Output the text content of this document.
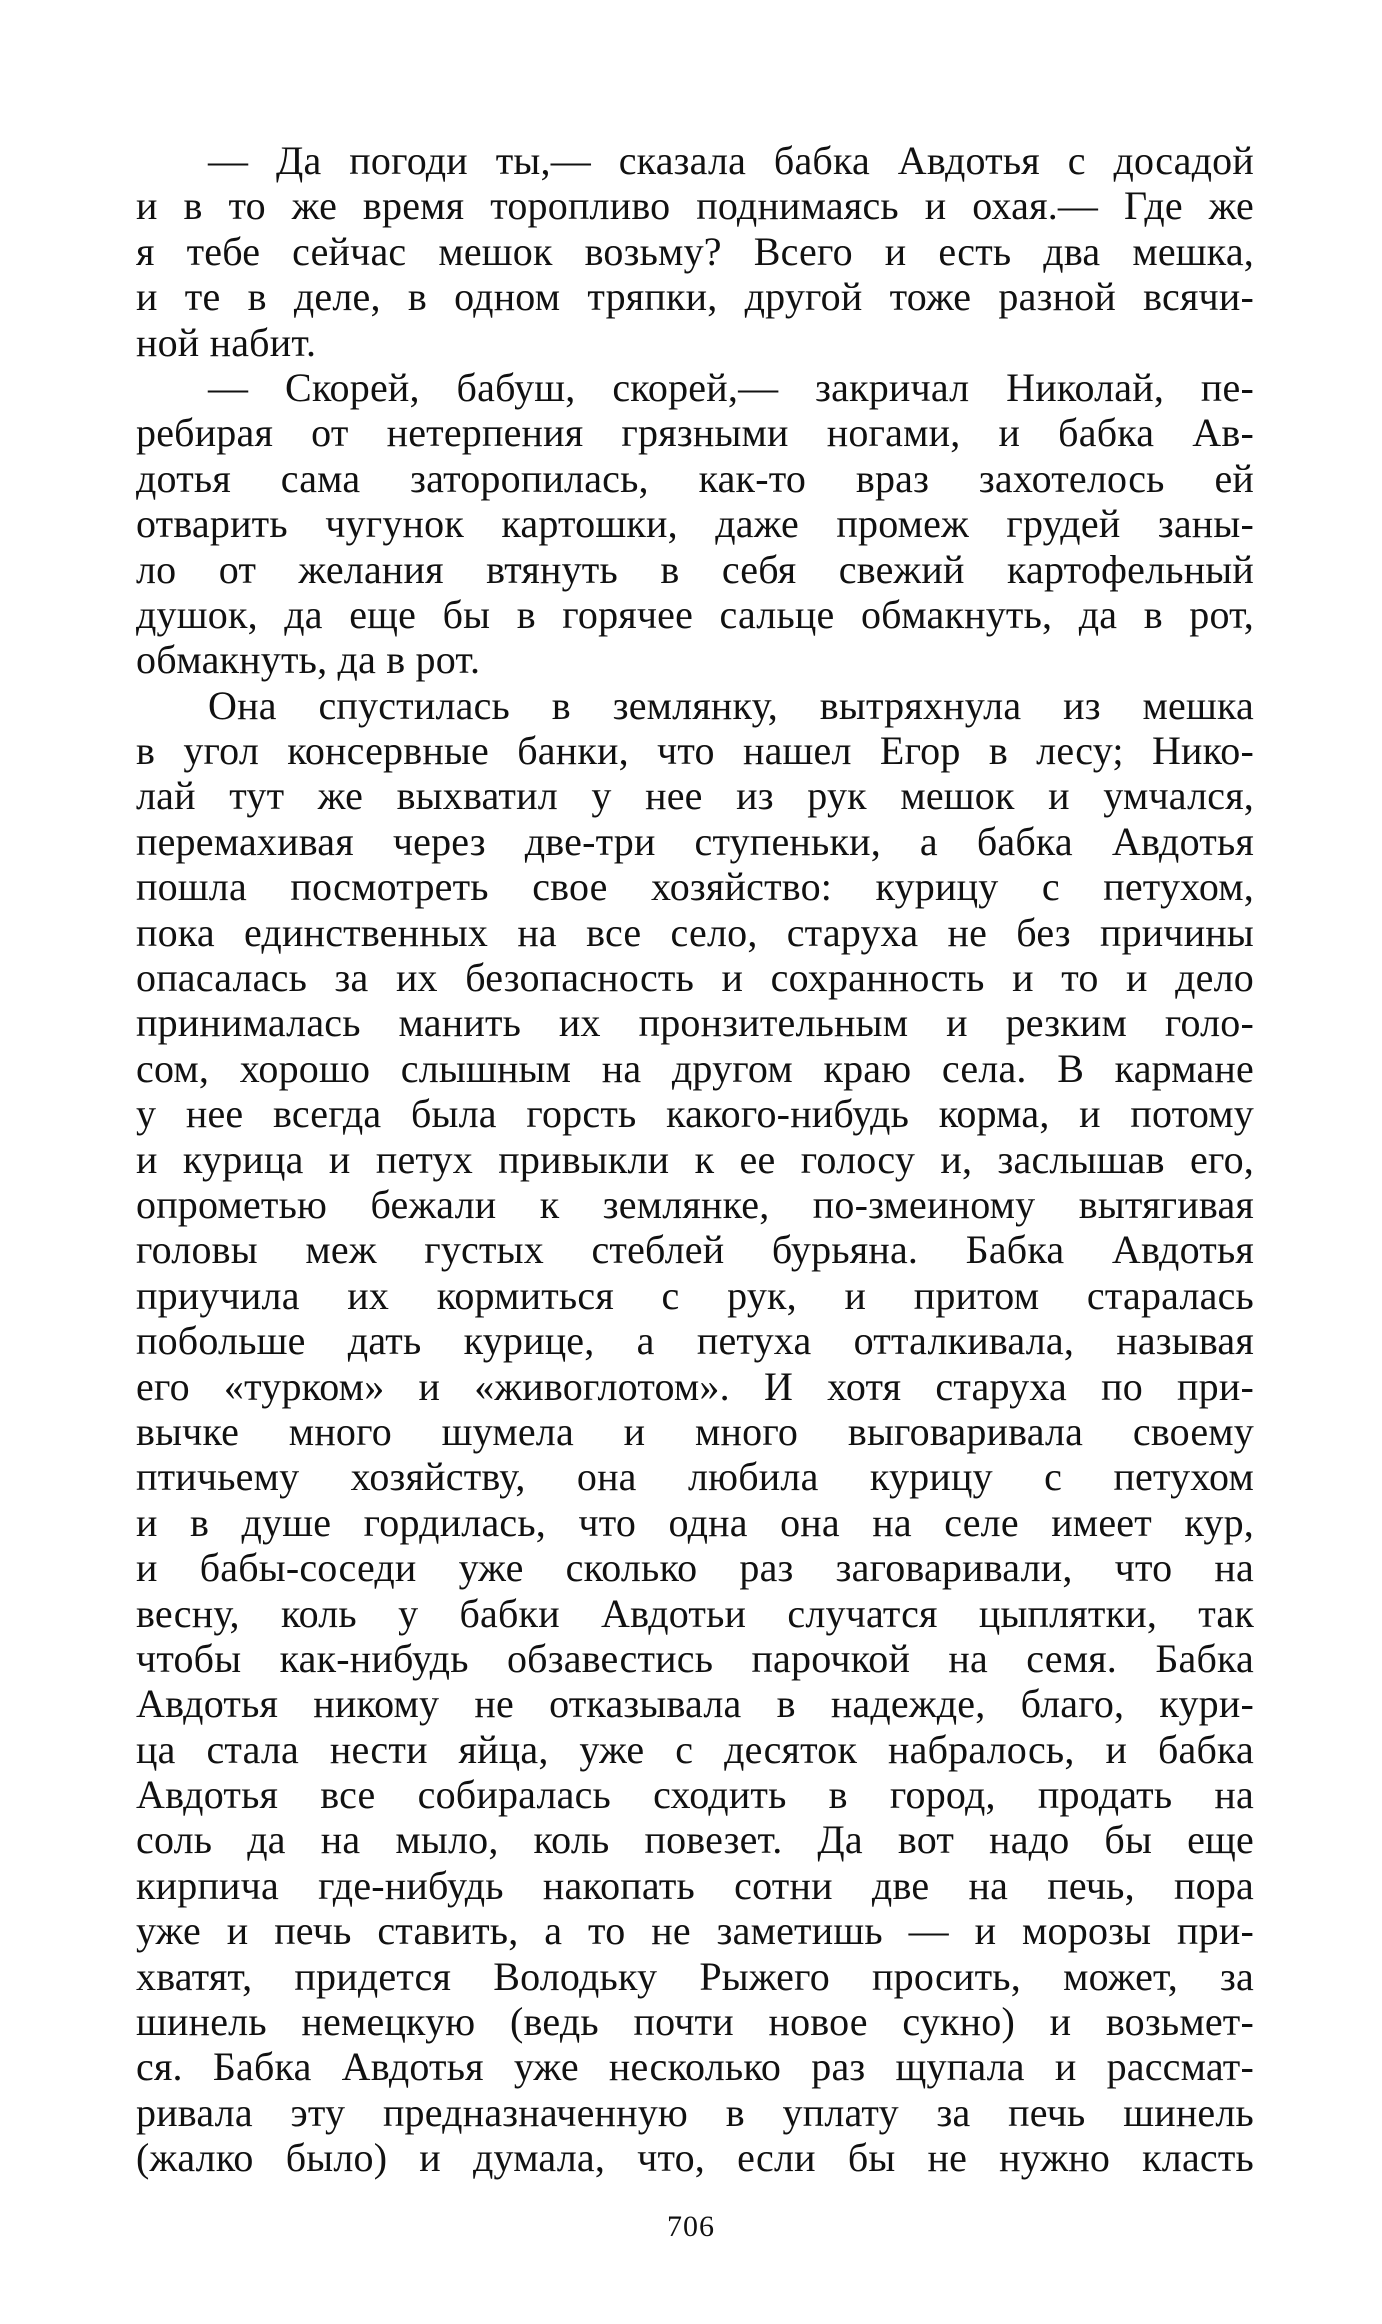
— Да погоди ты,— сказала бабка Авдотья с досадой
и в то же время торопливо поднимаясь и охая.— Где же
я тебе сейчас мешок возьму? Всего и есть два мешка,
и те в деле, в одном тряпки, другой тоже разной всячи-
ной набит.
— Скорей, бабуш, скорей,— закричал Николай, пе-
ребирая от нетерпения грязными ногами, и бабка Ав-
дотья сама заторопилась, как-то враз захотелось ей
отварить чугунок картошки, даже промеж грудей заны-
ло от желания втянуть в себя свежий картофельный
душок, да еще бы в горячее сальце обмакнуть, да в рот,
обмакнуть, да в рот.
Она спустилась в землянку, вытряхнула из мешка
в угол консервные банки, что нашел Егор в лесу; Нико-
лай тут же выхватил у нее из рук мешок и умчался,
перемахивая через две-три ступеньки, а бабка Авдотья
пошла посмотреть свое хозяйство: курицу с петухом,
пока единственных на все село, старуха не без причины
опасалась за их безопасность и сохранность и то и дело
принималась манить их пронзительным и резким голо-
сом, хорошо слышным на другом краю села. В кармане
у нее всегда была горсть какого-нибудь корма, и потому
и курица и петух привыкли к ее голосу и, заслышав его,
опрометью бежали к землянке, по-змеиному вытягивая
головы меж густых стеблей бурьяна. Бабка Авдотья
приучила их кормиться с рук, и притом старалась
побольше дать курице, а петуха отталкивала, называя
его «турком» и «живоглотом». И хотя старуха по при-
вычке много шумела и много выговаривала своему
птичьему хозяйству, она любила курицу с петухом
и в душе гордилась, что одна она на селе имеет кур,
и бабы-соседи уже сколько раз заговаривали, что на
весну, коль у бабки Авдотьи случатся цыплятки, так
чтобы как-нибудь обзавестись парочкой на семя. Бабка
Авдотья никому не отказывала в надежде, благо, кури-
ца стала нести яйца, уже с десяток набралось, и бабка
Авдотья все собиралась сходить в город, продать на
соль да на мыло, коль повезет. Да вот надо бы еще
кирпича где-нибудь накопать сотни две на печь, пора
уже и печь ставить, а то не заметишь — и морозы при-
хватят, придется Володьку Рыжего просить, может, за
шинель немецкую (ведь почти новое сукно) и возьмет-
ся. Бабка Авдотья уже несколько раз щупала и рассмат-
ривала эту предназначенную в уплату за печь шинель
(жалко было) и думала, что, если бы не нужно класть
706
